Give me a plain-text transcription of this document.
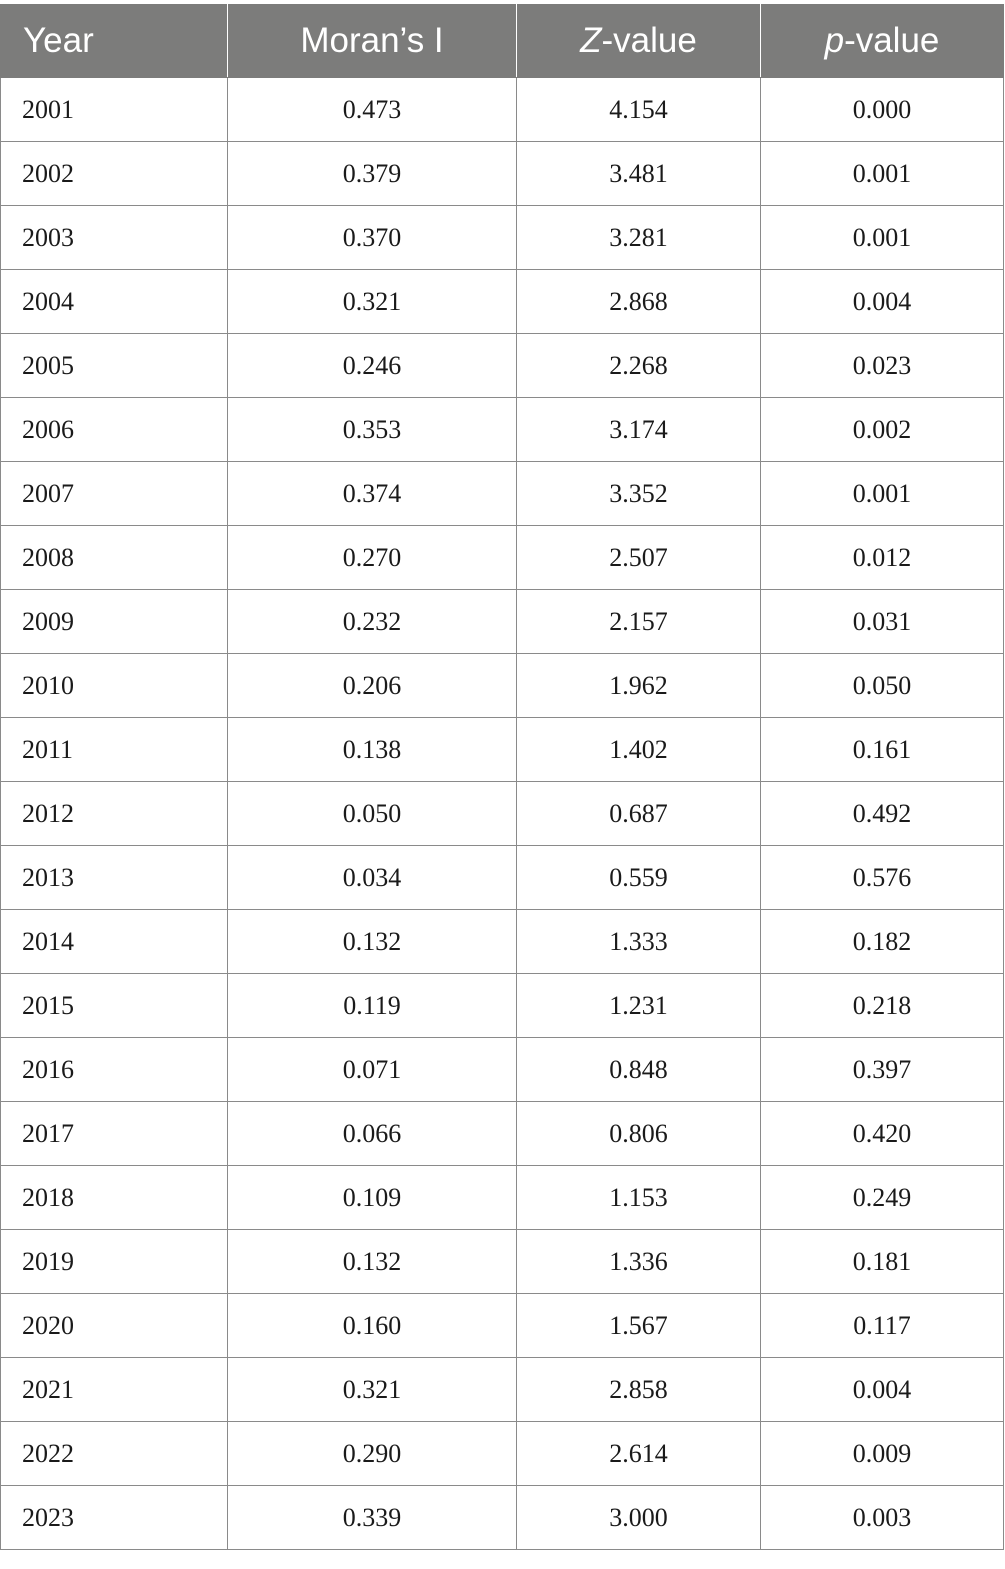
Year	Moran’s I	Z-value	p-value
2001	0.473	4.154	0.000
2002	0.379	3.481	0.001
2003	0.370	3.281	0.001
2004	0.321	2.868	0.004
2005	0.246	2.268	0.023
2006	0.353	3.174	0.002
2007	0.374	3.352	0.001
2008	0.270	2.507	0.012
2009	0.232	2.157	0.031
2010	0.206	1.962	0.050
2011	0.138	1.402	0.161
2012	0.050	0.687	0.492
2013	0.034	0.559	0.576
2014	0.132	1.333	0.182
2015	0.119	1.231	0.218
2016	0.071	0.848	0.397
2017	0.066	0.806	0.420
2018	0.109	1.153	0.249
2019	0.132	1.336	0.181
2020	0.160	1.567	0.117
2021	0.321	2.858	0.004
2022	0.290	2.614	0.009
2023	0.339	3.000	0.003
